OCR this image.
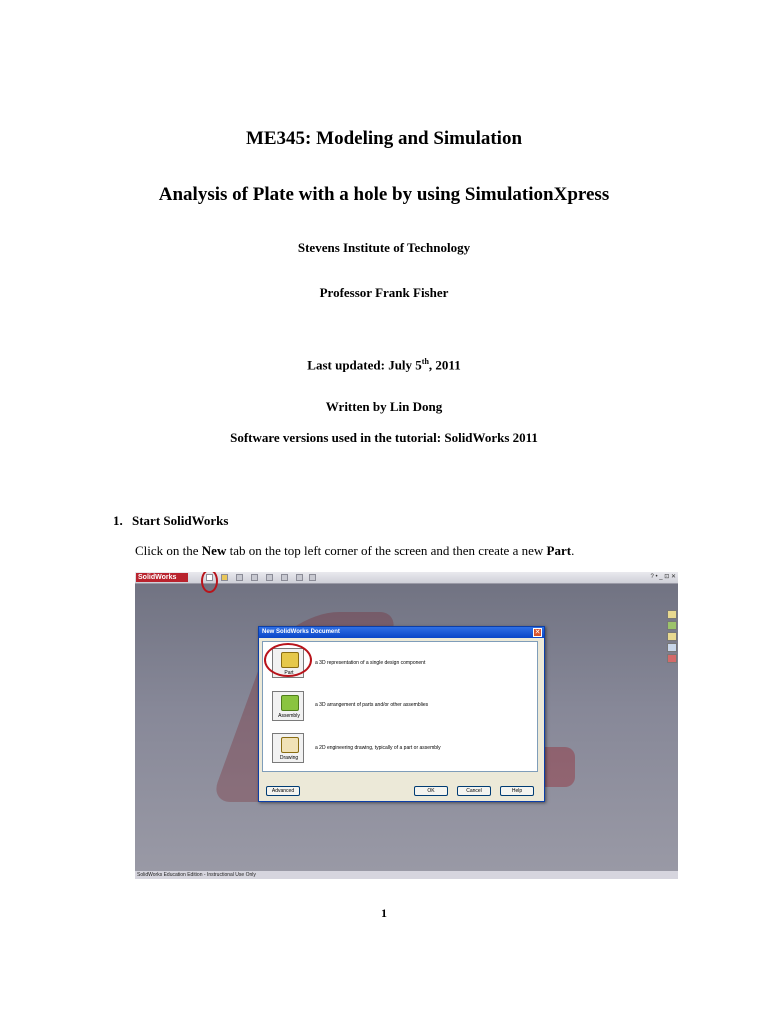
ME345: Modeling and Simulation
Analysis of Plate with a hole by using SimulationXpress
Stevens Institute of Technology
Professor Frank Fisher
Last updated: July 5th, 2011
Written by Lin Dong
Software versions used in the tutorial: SolidWorks 2011
1. Start SolidWorks
Click on the New tab on the top left corner of the screen and then create a new Part.
SolidWorks	? • _ ⊡ ✕
New SolidWorks Document	✕
Part
a 3D representation of a single design component
Assembly
a 3D arrangement of parts and/or other assemblies
Drawing
a 2D engineering drawing, typically of a part or assembly
Advanced	OK	Cancel	Help
SolidWorks Education Edition - Instructional Use Only
1
